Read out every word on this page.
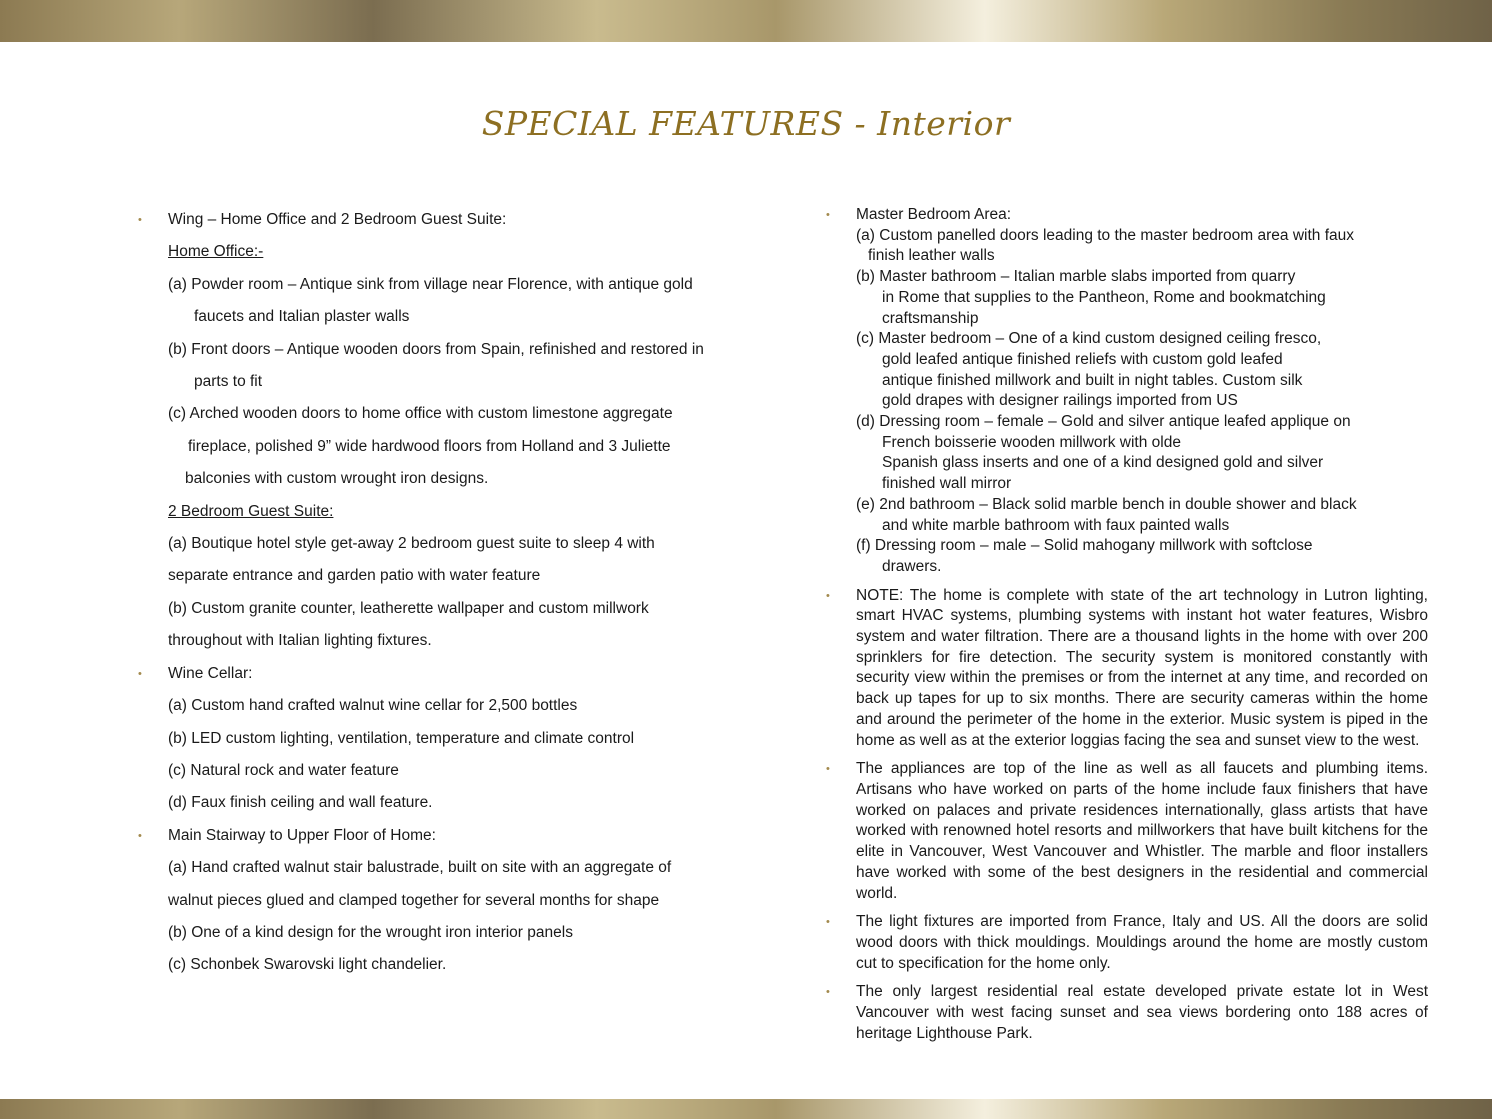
SPECIAL FEATURES - Interior
• Wing – Home Office and 2 Bedroom Guest Suite:
Home Office:-
(a) Powder room – Antique sink from village near Florence, with antique gold
faucets and Italian plaster walls
(b) Front doors – Antique wooden doors from Spain, refinished and restored in
parts to fit
(c) Arched wooden doors to home office with custom limestone aggregate
fireplace, polished 9” wide hardwood floors from Holland and 3 Juliette
balconies with custom wrought iron designs.
2 Bedroom Guest Suite:
(a) Boutique hotel style get-away 2 bedroom guest suite to sleep 4 with
separate entrance and garden patio with water feature
(b) Custom granite counter, leatherette wallpaper and custom millwork
throughout with Italian lighting fixtures.
• Wine Cellar:
(a) Custom hand crafted walnut wine cellar for 2,500 bottles
(b) LED custom lighting, ventilation, temperature and climate control
(c) Natural rock and water feature
(d) Faux finish ceiling and wall feature.
• Main Stairway to Upper Floor of Home:
(a) Hand crafted walnut stair balustrade, built on site with an aggregate of
walnut pieces glued and clamped together for several months for shape
(b) One of a kind design for the wrought iron interior panels
(c) Schonbek Swarovski light chandelier.
• Master Bedroom Area:
(a) Custom panelled doors leading to the master bedroom area with faux
finish leather walls
(b) Master bathroom – Italian marble slabs imported from quarry
in Rome that supplies to the Pantheon, Rome and bookmatching
craftsmanship
(c) Master bedroom – One of a kind custom designed ceiling fresco,
gold leafed antique finished reliefs with custom gold leafed
antique finished millwork and built in night tables. Custom silk
gold drapes with designer railings imported from US
(d) Dressing room – female – Gold and silver antique leafed applique on
French boisserie wooden millwork with olde
Spanish glass inserts and one of a kind designed gold and silver
finished wall mirror
(e) 2nd bathroom – Black solid marble bench in double shower and black
and white marble bathroom with faux painted walls
(f) Dressing room – male – Solid mahogany millwork with softclose
drawers.
• NOTE: The home is complete with state of the art technology in Lutron lighting, smart HVAC systems, plumbing systems with instant hot water features, Wisbro system and water filtration. There are a thousand lights in the home with over 200 sprinklers for fire detection. The security system is monitored constantly with security view within the premises or from the internet at any time, and recorded on back up tapes for up to six months. There are security cameras within the home and around the perimeter of the home in the exterior. Music system is piped in the home as well as at the exterior loggias facing the sea and sunset view to the west.
• The appliances are top of the line as well as all faucets and plumbing items. Artisans who have worked on parts of the home include faux finishers that have worked on palaces and private residences internationally, glass artists that have worked with renowned hotel resorts and millworkers that have built kitchens for the elite in Vancouver, West Vancouver and Whistler. The marble and floor installers have worked with some of the best designers in the residential and commercial world.
• The light fixtures are imported from France, Italy and US. All the doors are solid wood doors with thick mouldings. Mouldings around the home are mostly custom cut to specification for the home only.
• The only largest residential real estate developed private estate lot in West Vancouver with west facing sunset and sea views bordering onto 188 acres of heritage Lighthouse Park.
